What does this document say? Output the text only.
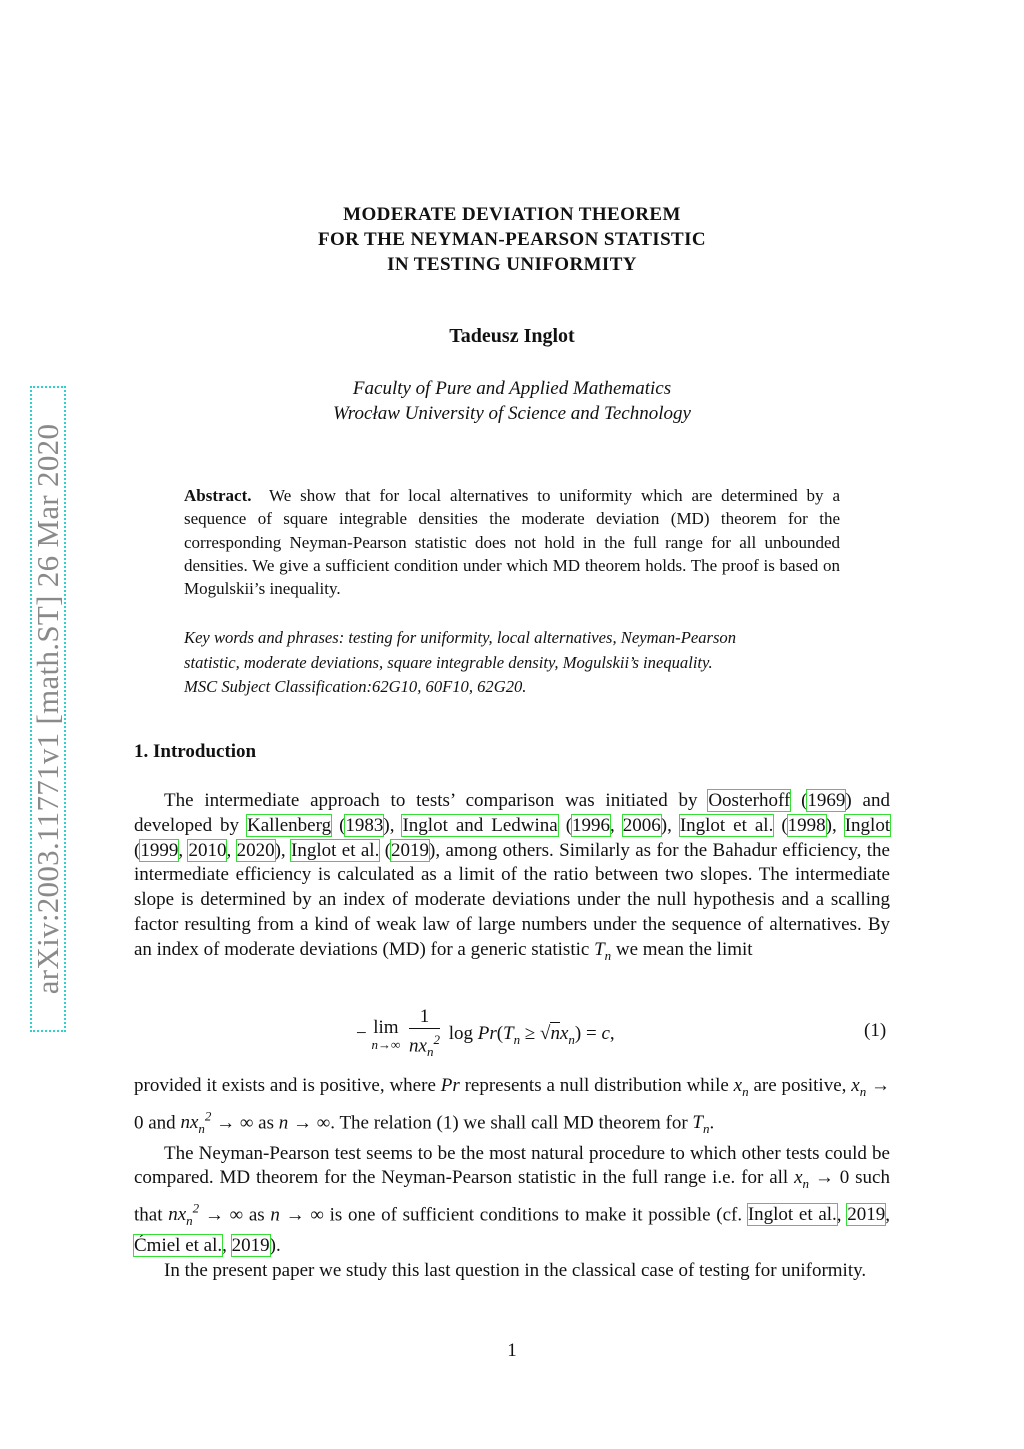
arXiv:2003.11771v1 [math.ST] 26 Mar 2020
MODERATE DEVIATION THEOREM
FOR THE NEYMAN-PEARSON STATISTIC
IN TESTING UNIFORMITY
Tadeusz Inglot
Faculty of Pure and Applied Mathematics
Wrocław University of Science and Technology
Abstract. We show that for local alternatives to uniformity which are determined by a sequence of square integrable densities the moderate deviation (MD) theorem for the corresponding Neyman-Pearson statistic does not hold in the full range for all unbounded densities. We give a sufficient condition under which MD theorem holds. The proof is based on Mogulskii’s inequality.
Key words and phrases: testing for uniformity, local alternatives, Neyman-Pearson
statistic, moderate deviations, square integrable density, Mogulskii’s inequality.
MSC Subject Classification:62G10, 60F10, 62G20.
1. Introduction

The intermediate approach to tests’ comparison was initiated by Oosterhoff (1969) and developed by Kallenberg (1983), Inglot and Ledwina (1996, 2006), Inglot et al. (1998), Inglot (1999, 2010, 2020), Inglot et al. (2019), among others. Similarly as for the Bahadur efficiency, the intermediate efficiency is calculated as a limit of the ratio between two slopes. The intermediate slope is determined by an index of moderate deviations under the null hypothesis and a scalling factor resulting from a kind of weak law of large numbers under the sequence of alternatives. By an index of moderate deviations (MD) for a generic statistic $T_n$ we mean the limit

− lim
n→∞
$\frac{1}{nx_n^2}$ $\log Pr(T_n \ge √nx_n) = c$,	(1)

provided it exists and is positive, where Pr represents a null distribution while $x_n$ are positive, $x_n \to 0$ and $nx_n^2$ → ∞ as n → ∞. The relation (1) we shall call MD theorem for $T_n$.

The Neyman-Pearson test seems to be the most natural procedure to which other tests could be compared. MD theorem for the Neyman-Pearson statistic in the full range i.e. for all $x_n \to 0$ such that $nx_n^2$ → ∞ as n → ∞ is one of sufficient conditions to make it possible (cf. Inglot et al., 2019, Ćmiel et al., 2019).

In the present paper we study this last question in the classical case of testing for uniformity.

1
